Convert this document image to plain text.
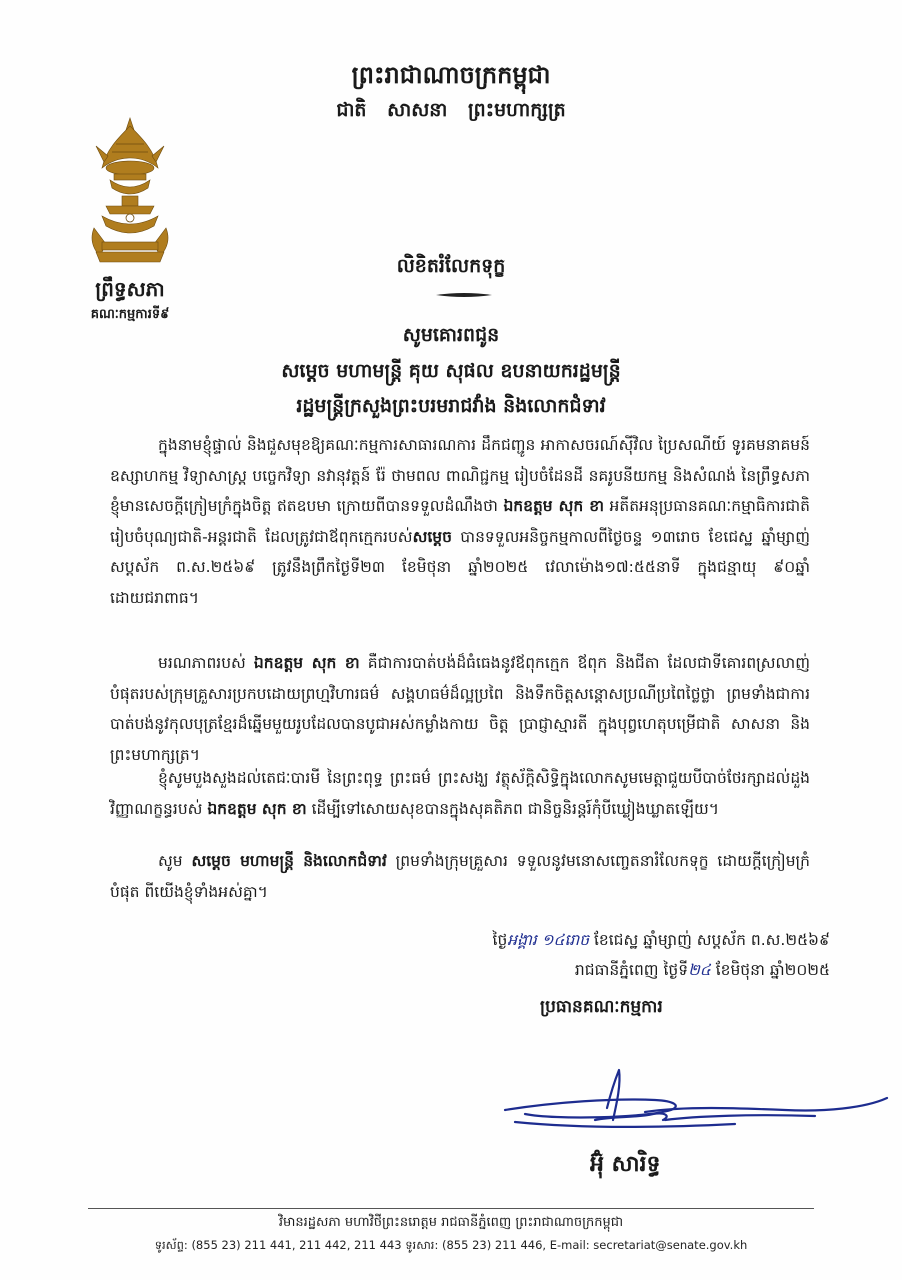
ព្រះរាជាណាចក្រកម្ពុជា
ជាតិ សាសនា ព្រះមហាក្សត្រ
ព្រឹទ្ធសភា
គណៈកម្មការទី៩
លិខិតរំលែកទុក្ខ
សូមគោរពជូន
សម្ដេច មហាមន្ត្រី គុយ សុផល ឧបនាយករដ្ឋមន្ត្រី
រដ្ឋមន្ត្រីក្រសួងព្រះបរមរាជវាំង និងលោកជំទាវ

ក្នុងនាមខ្ញុំផ្ទាល់ និងជួសមុខឱ្យគណៈកម្មការសាធារណការ ដឹកជញ្ជូន អាកាសចរណ៍ស៊ីវិល ប្រៃសណីយ៍ ទូរគមនាគមន៍ ឧស្សាហកម្ម វិទ្យាសាស្ត្រ បច្ចេកវិទ្យា នវានុវត្តន៍ រ៉ែ ថាមពល ពាណិជ្ជកម្ម រៀបចំដែនដី នគរូបនីយកម្ម និងសំណង់ នៃព្រឹទ្ធសភា ខ្ញុំមានសេចក្ដីក្រៀមក្រំក្នុងចិត្ត ឥតឧបមា ក្រោយពីបានទទួលដំណឹងថា ឯកឧត្តម សុក ខា អតីតអនុប្រធានគណៈកម្មាធិការជាតិរៀបចំបុណ្យជាតិ-អន្តរជាតិ ដែលត្រូវជាឪពុកក្មេករបស់សម្ដេច បានទទួលអនិច្ចកម្មកាលពីថ្ងៃចន្ទ ១៣រោច ខែជេស្ឋ ឆ្នាំម្សាញ់ សប្តស័ក ព.ស.២៥៦៩ ត្រូវនឹងព្រឹកថ្ងៃទី២៣ ខែមិថុនា ឆ្នាំ២០២៥ វេលាម៉ោង១៧:៥៥នាទី ក្នុងជន្មាយុ ៩០ឆ្នាំ ដោយជរាពាធ។

មរណភាពរបស់ ឯកឧត្តម សុក ខា គឺជាការបាត់បង់ដ៏ធំធេងនូវឪពុកក្មេក ឪពុក និងជីតា ដែលជាទីគោរពស្រលាញ់បំផុតរបស់ក្រុមគ្រួសារប្រកបដោយព្រហ្មវិហារធម៌ សង្គហធម៌ដ៏ល្អប្រពៃ និងទឹកចិត្តសន្តោសប្រណីប្រពៃថ្លៃថ្លា ព្រមទាំងជាការបាត់បង់នូវកុលបុត្រខ្មែរដ៏ឆ្នើមមួយរូបដែលបានបូជាអស់កម្លាំងកាយ ចិត្ត ប្រាជ្ញាស្មារតី ក្នុងបុព្វហេតុបម្រើជាតិ សាសនា និងព្រះមហាក្សត្រ។

ខ្ញុំសូមបួងសួងដល់តេជៈបារមី នៃព្រះពុទ្ធ ព្រះធម៌ ព្រះសង្ឃ វត្ថុស័ក្តិសិទ្ធិក្នុងលោកសូមមេត្តាជួយបីបាច់ថែរក្សាដល់ដួងវិញ្ញាណក្ខន្ធរបស់ ឯកឧត្តម សុក ខា ដើម្បីទៅសោយសុខបានក្នុងសុគតិភព ជានិច្ចនិរន្តរ៍កុំបីឃ្លៀងឃ្លាតឡើយ។

សូម សម្ដេច មហាមន្ត្រី និងលោកជំទាវ ព្រមទាំងក្រុមគ្រួសារ ទទួលនូវមនោសញ្ចេតនារំលែកទុក្ខ ដោយក្ដីក្រៀមក្រំបំផុត ពីយើងខ្ញុំទាំងអស់គ្នា។

ថ្ងៃអង្គារ ១៤រោច ខែជេស្ឋ ឆ្នាំម្សាញ់ សប្តស័ក ព.ស.២៥៦៩
រាជធានីភ្នំពេញ ថ្ងៃទី២៤ ខែមិថុនា ឆ្នាំ២០២៥
ប្រធានគណៈកម្មការ
អ៊ុំ សារិទ្ធ
វិមានរដ្ឋសភា មហាវិថីព្រះនរោត្តម រាជធានីភ្នំពេញ ព្រះរាជាណាចក្រកម្ពុជា
ទូរស័ព្ទ: (855 23) 211 441, 211 442, 211 443 ទូរសារ: (855 23) 211 446, E-mail: secretariat@senate.gov.kh
